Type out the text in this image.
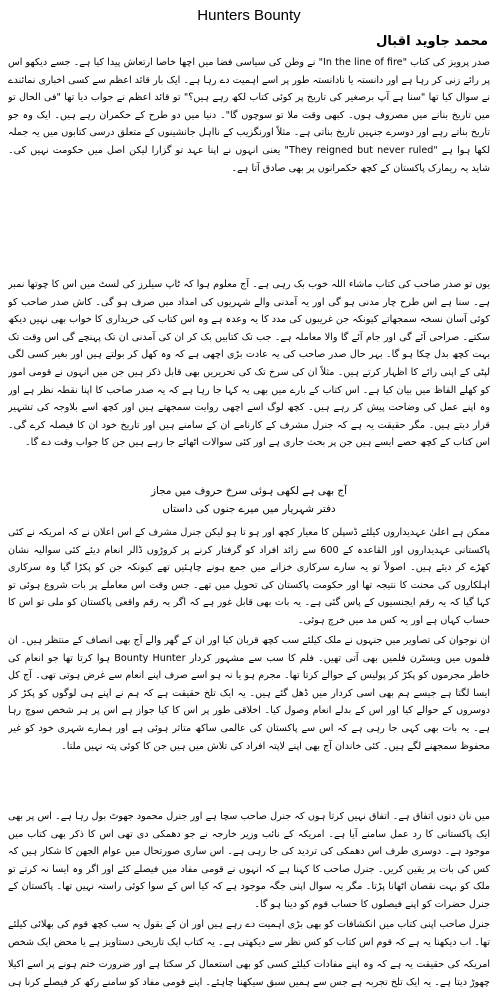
Hunters Bounty
محمد جاوید اقبال
صدر پرویز کی کتاب "In the line of fire" نے وطن کی سیاسی فضا میں اچھا خاصا ارتعاش پیدا کیا ہے۔ جسے دیکھو اس پر رائے زنی کر رہا ہے اور دانستہ یا نادانستہ طور پر اسے اہمیت دے رہا ہے۔ ایک بار قائد اعظم سے کسی اخباری نمائندے نے سوال کیا تھا "سنا ہے آپ برصغیر کی تاریخ پر کوئی کتاب لکھ رہے ہیں؟" تو قائد اعظم نے جواب دیا تھا "فی الحال تو میں تاریخ بنانے میں مصروف ہوں۔ کبھی وقت ملا تو سوچوں گا"۔ دنیا میں دو طرح کے حکمران رہے ہیں۔ ایک وہ جو تاریخ بناتے رہے اور دوسرے جنہیں تاریخ بناتی ہے۔ مثلاً اورنگزیب کے نااہل جانشینوں کے متعلق درسی کتابوں میں یہ جملہ لکھا ہوا ہے "They reigned but never ruled" یعنی انہوں نے اپنا عہد تو گزارا لیکن اصل میں حکومت نہیں کی۔ شاید یہ ریمارک پاکستان کے کچھ حکمرانوں پر بھی صادق آتا ہے۔
یوں تو صدر صاحب کی کتاب ماشاء اللہ خوب بک رہی ہے۔ آج معلوم ہوا کہ ٹاپ سیلرز کی لسٹ میں اس کا چوتھا نمبر ہے۔ سنا ہے اس طرح چار مدنی ہو گی اور یہ آمدنی والے شہریوں کی امداد میں صرف ہو گی۔ کاش صدر صاحب کو کوئی آسان نسخہ سمجھاتے کیونکہ جن غریبوں کی مدد کا یہ وعدہ ہے وہ اس کتاب کی خریداری کا خواب بھی نہیں دیکھ سکتے۔ صراحی آئے گی اور جام آئے گا والا معاملہ ہے۔ جب تک کتابیں بک کر ان کی آمدنی ان تک پہنچے گی اس وقت تک بہت کچھ بدل چکا ہو گا۔ بہر حال صدر صاحب کی یہ عادت بڑی اچھی ہے کہ وہ کھل کر بولتے ہیں اور بغیر کسی لگی لپٹی کے اپنی رائے کا اظہار کرتے ہیں۔ مثلاً ان کی سرخ تک کی تحریریں بھی قابل ذکر ہیں جن میں انہوں نے قومی امور کو کھلے الفاظ میں بیان کیا ہے۔ اس کتاب کے بارے میں بھی یہ کہا جا رہا ہے کہ یہ صدر صاحب کا اپنا نقطہ نظر ہے اور وہ اپنے عمل کی وضاحت پیش کر رہے ہیں۔ کچھ لوگ اسے اچھی روایت سمجھتے ہیں اور کچھ اسے بلاوجہ کی تشہیر قرار دیتے ہیں۔ مگر حقیقت یہ ہے کہ جنرل مشرف کے کارنامے ان کے سامنے ہیں اور تاریخ خود ان کا فیصلہ کرے گی۔ اس کتاب کے کچھ حصے ایسے ہیں جن پر بحث جاری ہے اور کئی سوالات اٹھائے جا رہے ہیں جن کا جواب وقت دے گا۔
آج بھی ہے لکھی ہوئی سرخ حروف میں مجاز
دفتر شہریار میں میرے جنوں کی داستاں
ممکن ہے اعلیٰ عہدیداروں کیلئے ڈسپلن کا معیار کچھ اور ہو تا ہو لیکن جنرل مشرف کے اس اعلان نے کہ امریکہ نے کئی پاکستانی عہدیداروں اور القاعدہ کے 600 سے زائد افراد کو گرفتار کرنے پر کروڑوں ڈالر انعام دیئے کئی سوالیہ نشان کھڑے کر دیئے ہیں۔ اصولاً تو یہ سارے سرکاری خزانے میں جمع ہونے چاہئیں تھے کیونکہ جن کو پکڑا گیا وہ سرکاری اہلکاروں کی محنت کا نتیجہ تھا اور حکومت پاکستان کی تحویل میں تھے۔ جس وقت اس معاملے پر بات شروع ہوئی تو کہا گیا کہ یہ رقم ایجنسیوں کے پاس گئی ہے۔ یہ بات بھی قابل غور ہے کہ اگر یہ رقم واقعی پاکستان کو ملی تو اس کا حساب کہاں ہے اور یہ کس مد میں خرچ ہوئی۔
ان نوجوان کی تصاویر میں جنہوں نے ملک کیلئے سب کچھ قربان کیا اور ان کے گھر والے آج بھی انصاف کے منتظر ہیں۔ ان فلموں میں ویسٹرن فلمیں بھی آتی تھیں۔ فلم کا سب سے مشہور کردار Bounty Hunter ہوا کرتا تھا جو انعام کی خاطر مجرموں کو پکڑ کر پولیس کے حوالے کرتا تھا۔ مجرم ہو یا نہ ہو اسے صرف اپنے انعام سے غرض ہوتی تھی۔ آج کل ایسا لگتا ہے جیسے ہم بھی اسی کردار میں ڈھل گئے ہیں۔ یہ ایک تلخ حقیقت ہے کہ ہم نے اپنے ہی لوگوں کو پکڑ کر دوسروں کے حوالے کیا اور اس کے بدلے انعام وصول کیا۔ اخلاقی طور پر اس کا کیا جواز ہے اس پر ہر شخص سوچ رہا ہے۔ یہ بات بھی کہی جا رہی ہے کہ اس سے پاکستان کی عالمی ساکھ متاثر ہوئی ہے اور ہمارے شہری خود کو غیر محفوظ سمجھنے لگے ہیں۔ کئی خاندان آج بھی اپنے لاپتہ افراد کی تلاش میں ہیں جن کا کوئی پتہ نہیں ملتا۔
میں نان دنوں اتفاق ہے۔ اتفاق نہیں کرتا ہوں کہ جنرل صاحب سچا ہے اور جنرل محمود جھوٹ بول رہا ہے۔ اس پر بھی ایک پاکستانی کا رد عمل سامنے آیا ہے۔ امریکہ کے نائب وزیر خارجہ نے جو دھمکی دی تھی اس کا ذکر بھی کتاب میں موجود ہے۔ دوسری طرف اس دھمکی کی تردید کی جا رہی ہے۔ اس ساری صورتحال میں عوام الجھن کا شکار ہیں کہ کس کی بات پر یقین کریں۔ جنرل صاحب کا کہنا ہے کہ انہوں نے قومی مفاد میں فیصلے کئے اور اگر وہ ایسا نہ کرتے تو ملک کو بہت نقصان اٹھانا پڑتا۔ مگر یہ سوال اپنی جگہ موجود ہے کہ کیا اس کے سوا کوئی راستہ نہیں تھا۔ پاکستان کے جنرل حضرات کو اپنے فیصلوں کا حساب قوم کو دینا ہو گا۔
جنرل صاحب اپنی کتاب میں انکشافات کو بھی بڑی اہمیت دے رہے ہیں اور ان کے بقول یہ سب کچھ قوم کی بھلائی کیلئے تھا۔ اب دیکھنا یہ ہے کہ قوم اس کتاب کو کس نظر سے دیکھتی ہے۔ یہ کتاب ایک تاریخی دستاویز ہے یا محض ایک شخص
امریکہ کی حقیقت یہ ہے کہ وہ اپنے مفادات کیلئے کسی کو بھی استعمال کر سکتا ہے اور ضرورت ختم ہونے پر اسے اکیلا چھوڑ دیتا ہے۔ یہ ایک تلخ تجربہ ہے جس سے ہمیں سبق سیکھنا چاہئے۔ اپنے قومی مفاد کو سامنے رکھ کر فیصلے کرنا ہی
